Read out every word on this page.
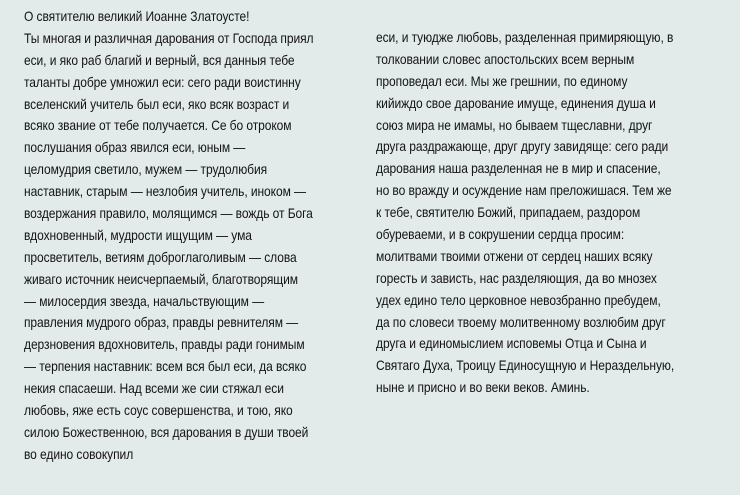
О святителю великий Иоанне Златоусте!
Ты многая и различная дарования от Господа приял
еси, и яко раб благий и верный, вся данныя тебе
таланты добре умножил еси: сего ради воистинну
вселенский учитель был еси, яко всяк возраст и
всяко звание от тебе получается. Се бо отроком
послушания образ явился еси, юным —
целомудрия светило, мужем — трудолюбия
наставник, старым — незлобия учитель, иноком —
воздержания правило, молящимся — вождь от Бога
вдохновенный, мудрости ищущим — ума
просветитель, ветиям доброглаголивым — слова
живаго источник неисчерпаемый, благотворящим
— милосердия звезда, начальствующим —
правления мудрого образ, правды ревнителям —
дерзновения вдохновитель, правды ради гонимым
— терпения наставник: всем вся был еси, да всяко
некия спасаеши. Над всеми же сии стяжал еси
любовь, яже есть соус совершенства, и тою, яко
силою Божественною, вся дарования в души твоей
во едино совокупил
еси, и туюдже любовь, разделенная примиряющую, в
толковании словес апостольских всем верным
проповедал еси. Мы же грешнии, по единому
кийиждо свое дарование имуще, единения душа и
союз мира не имамы, но бываем тщеславни, друг
друга раздражающе, друг другу завидяще: сего ради
дарования наша разделенная не в мир и спасение,
но во вражду и осуждение нам преложишася. Тем же
к тебе, святителю Божий, припадаем, раздором
обуреваеми, и в сокрушении сердца просим:
молитвами твоими отжени от сердец наших всяку
горесть и зависть, нас разделяющия, да во мнозех
удех едино тело церковное невозбранно пребудем,
да по словеси твоему молитвенному возлюбим друг
друга и единомыслием исповемы Отца и Сына и
Святаго Духа, Троицу Единосущную и Нераздельную,
ныне и присно и во веки веков. Аминь.
